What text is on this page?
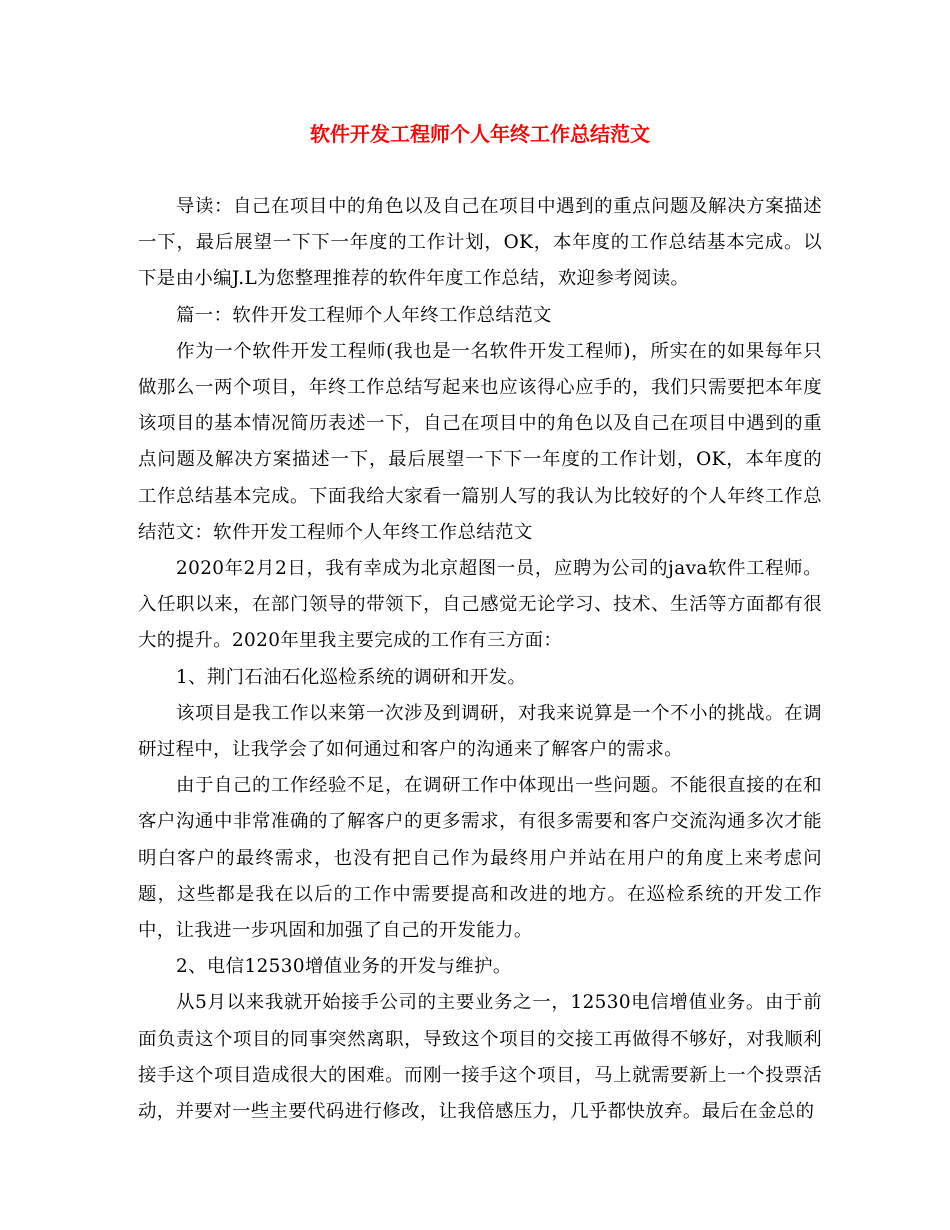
软件开发工程师个人年终工作总结范文

导读：自己在项目中的角色以及自己在项目中遇到的重点问题及解决方案描述一下，最后展望一下下一年度的工作计划，OK，本年度的工作总结基本完成。以下是由小编J.L为您整理推荐的软件年度工作总结，欢迎参考阅读。

篇一：软件开发工程师个人年终工作总结范文

作为一个软件开发工程师(我也是一名软件开发工程师)，所实在的如果每年只做那么一两个项目，年终工作总结写起来也应该得心应手的，我们只需要把本年度该项目的基本情况简历表述一下，自己在项目中的角色以及自己在项目中遇到的重点问题及解决方案描述一下，最后展望一下下一年度的工作计划，OK，本年度的工作总结基本完成。下面我给大家看一篇别人写的我认为比较好的个人年终工作总结范文：软件开发工程师个人年终工作总结范文

2020年2月2日，我有幸成为北京超图一员，应聘为公司的java软件工程师。入任职以来，在部门领导的带领下，自己感觉无论学习、技术、生活等方面都有很大的提升。2020年里我主要完成的工作有三方面：

1、荆门石油石化巡检系统的调研和开发。

该项目是我工作以来第一次涉及到调研，对我来说算是一个不小的挑战。在调研过程中，让我学会了如何通过和客户的沟通来了解客户的需求。

由于自己的工作经验不足，在调研工作中体现出一些问题。不能很直接的在和客户沟通中非常准确的了解客户的更多需求，有很多需要和客户交流沟通多次才能明白客户的最终需求，也没有把自己作为最终用户并站在用户的角度上来考虑问题，这些都是我在以后的工作中需要提高和改进的地方。在巡检系统的开发工作中，让我进一步巩固和加强了自己的开发能力。

2、电信12530增值业务的开发与维护。

从5月以来我就开始接手公司的主要业务之一，12530电信增值业务。由于前面负责这个项目的同事突然离职，导致这个项目的交接工再做得不够好，对我顺利接手这个项目造成很大的困难。而刚一接手这个项目，马上就需要新上一个投票活动，并要对一些主要代码进行修改，让我倍感压力，几乎都快放弃。最后在金总的
